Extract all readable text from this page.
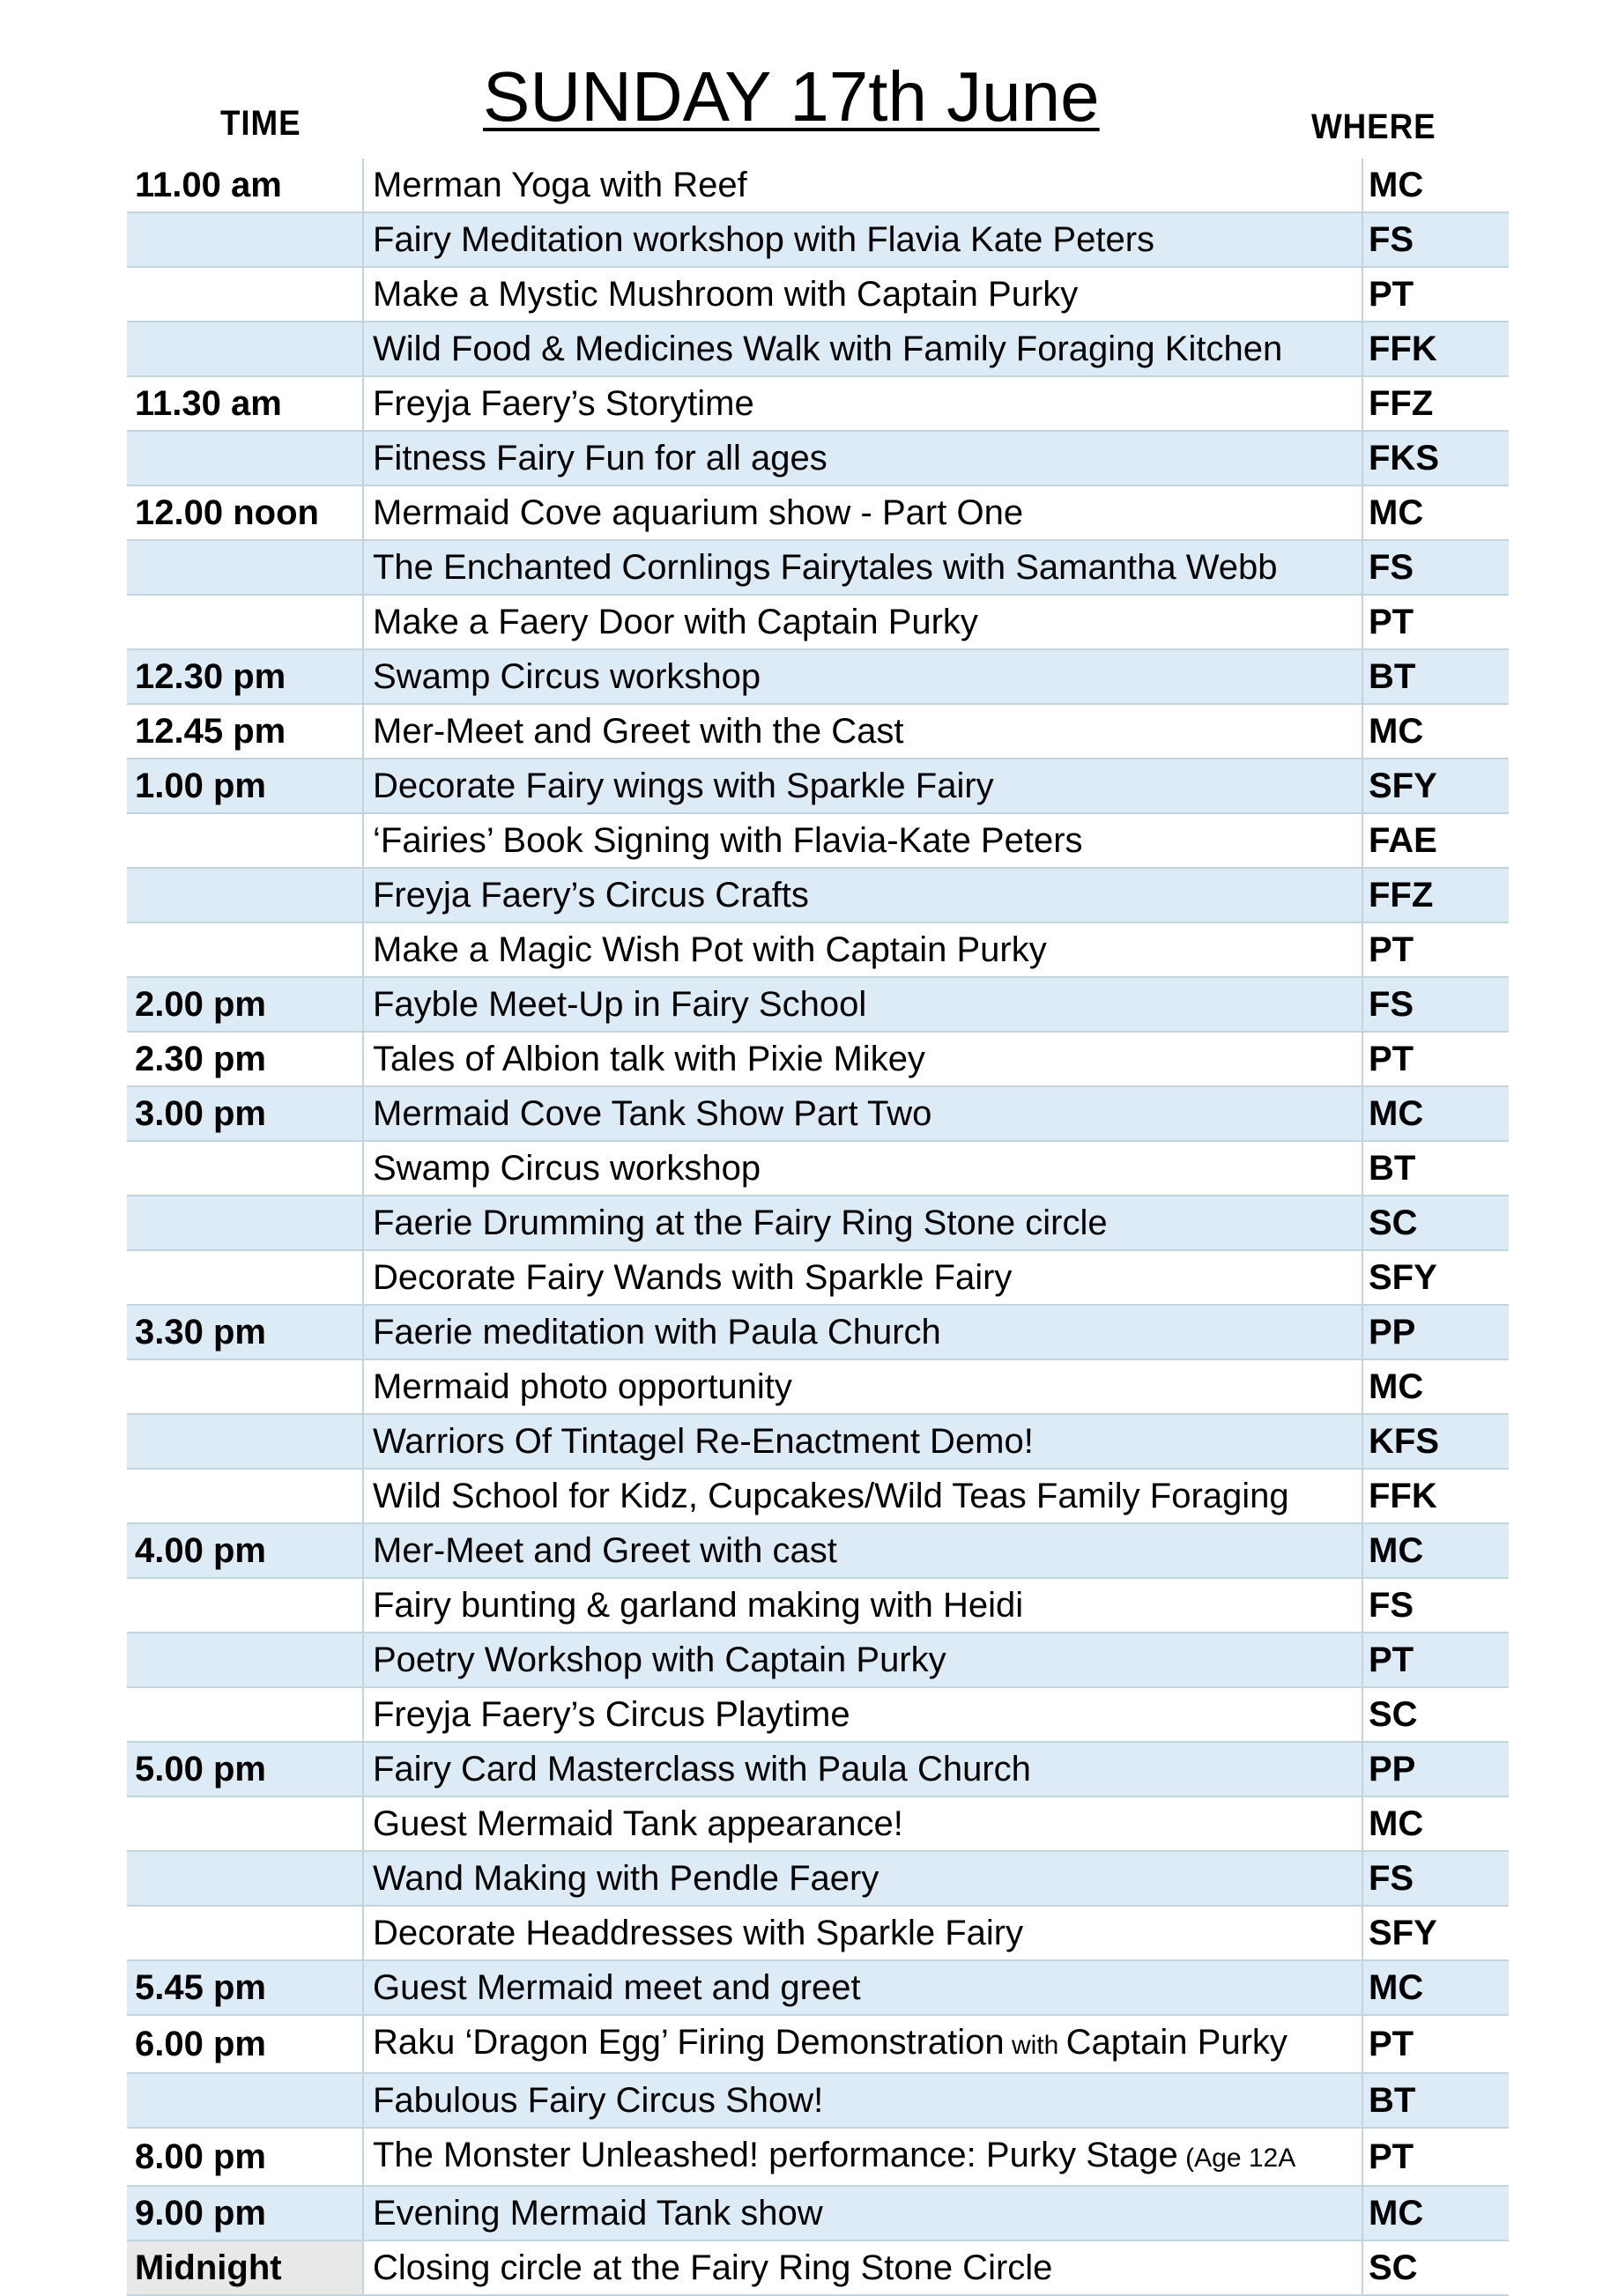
TIME	SUNDAY 17th June	WHERE
11.00 am	Merman Yoga with Reef	MC
	Fairy Meditation workshop with Flavia Kate Peters	FS
	Make a Mystic Mushroom with Captain Purky	PT
	Wild Food & Medicines Walk with Family Foraging Kitchen	FFK
11.30 am	Freyja Faery’s Storytime	FFZ
	Fitness Fairy Fun for all ages	FKS
12.00 noon	Mermaid Cove aquarium show - Part One	MC
	The Enchanted Cornlings Fairytales with Samantha Webb	FS
	Make a Faery Door with Captain Purky	PT
12.30 pm	Swamp Circus workshop	BT
12.45 pm	Mer-Meet and Greet with the Cast	MC
1.00 pm	Decorate Fairy wings with Sparkle Fairy	SFY
	‘Fairies’ Book Signing with Flavia-Kate Peters	FAE
	Freyja Faery’s Circus Crafts	FFZ
	Make a Magic Wish Pot with Captain Purky	PT
2.00 pm	Fayble Meet-Up in Fairy School	FS
2.30 pm	Tales of Albion talk with Pixie Mikey	PT
3.00 pm	Mermaid Cove Tank Show Part Two	MC
	Swamp Circus workshop	BT
	Faerie Drumming at the Fairy Ring Stone circle	SC
	Decorate Fairy Wands with Sparkle Fairy	SFY
3.30 pm	Faerie meditation with Paula Church	PP
	Mermaid photo opportunity	MC
	Warriors Of Tintagel Re-Enactment Demo!	KFS
	Wild School for Kidz, Cupcakes/Wild Teas Family Foraging	FFK
4.00 pm	Mer-Meet and Greet with cast	MC
	Fairy bunting & garland making with Heidi	FS
	Poetry Workshop with Captain Purky	PT
	Freyja Faery’s Circus Playtime	SC
5.00 pm	Fairy Card Masterclass with Paula Church	PP
	Guest Mermaid Tank appearance!	MC
	Wand Making with Pendle Faery	FS
	Decorate Headdresses with Sparkle Fairy	SFY
5.45 pm	Guest Mermaid meet and greet	MC
6.00 pm	Raku ‘Dragon Egg’ Firing Demonstration with Captain Purky	PT
	Fabulous Fairy Circus Show!	BT
8.00 pm	The Monster Unleashed! performance: Purky Stage (Age 12A	PT
9.00 pm	Evening Mermaid Tank show	MC
Midnight	Closing circle at the Fairy Ring Stone Circle	SC
